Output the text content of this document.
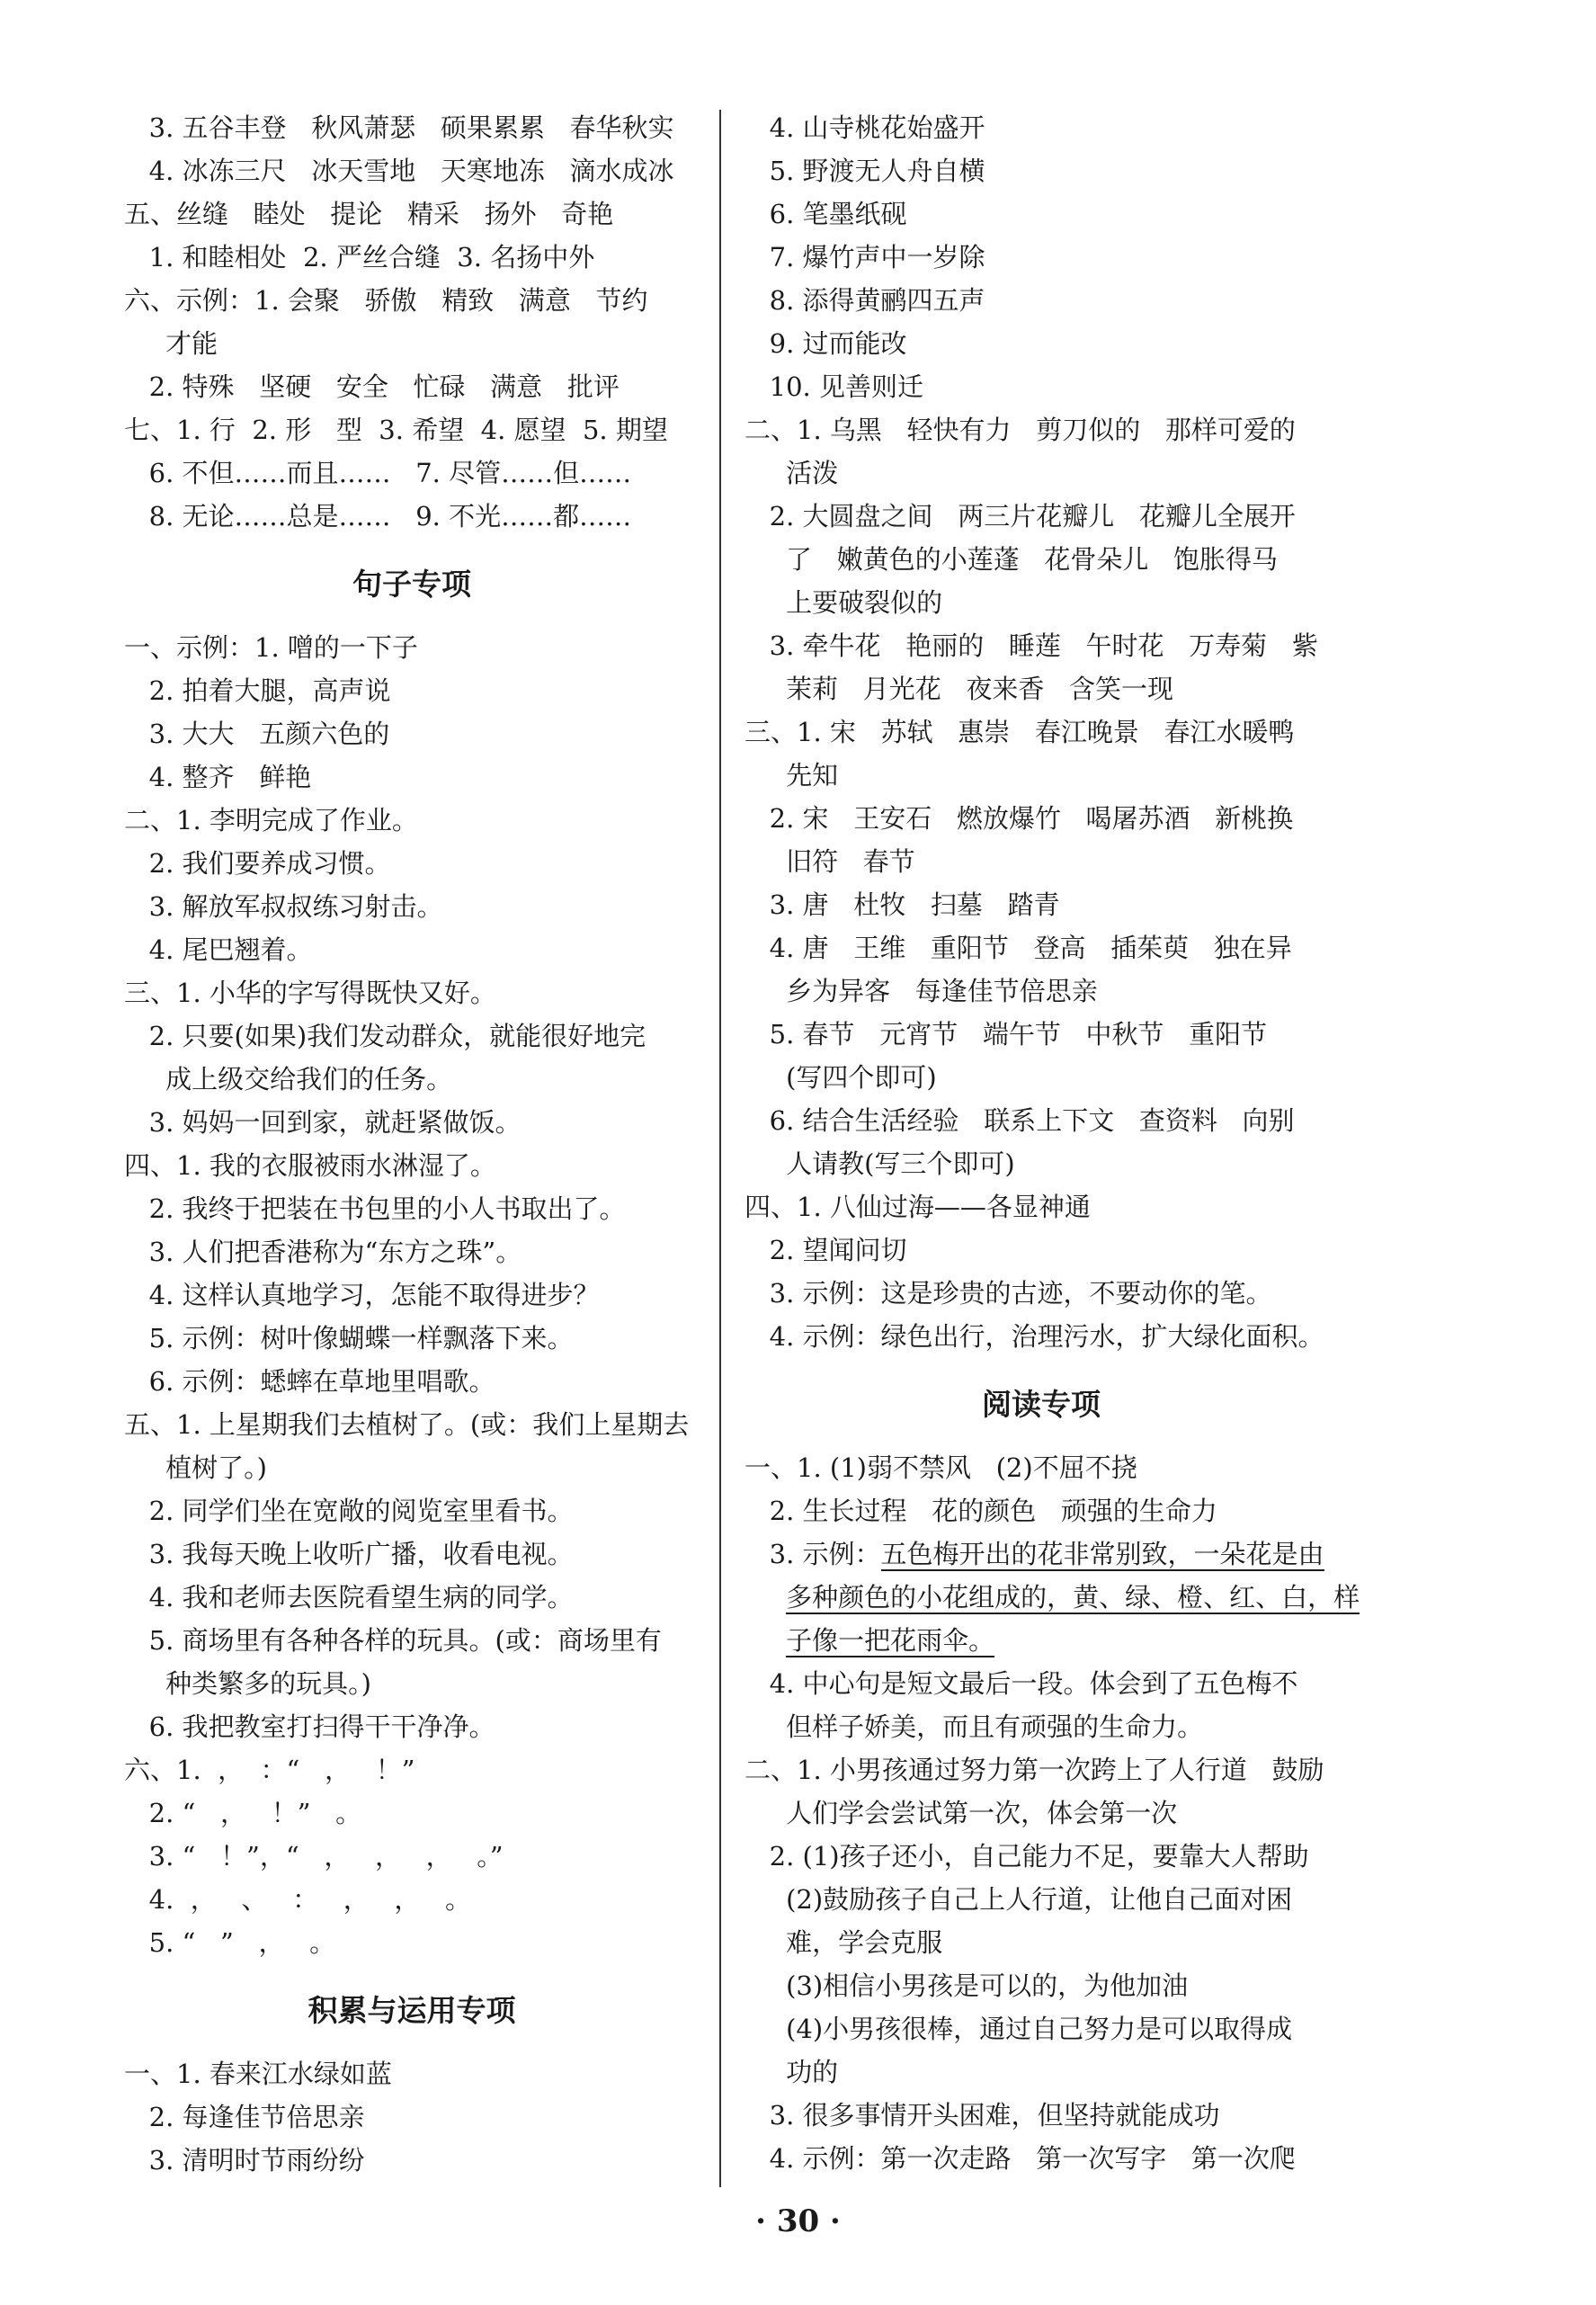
3. 五谷丰登   秋风萧瑟   硕果累累   春华秋实
4. 冰冻三尺   冰天雪地   天寒地冻   滴水成冰
五、丝缝   睦处   提论   精采   扬外   奇艳
1. 和睦相处  2. 严丝合缝  3. 名扬中外
六、示例：1. 会聚   骄傲   精致   满意   节约
才能
2. 特殊   坚硬   安全   忙碌   满意   批评
七、1. 行  2. 形   型  3. 希望  4. 愿望  5. 期望
6. 不但……而且……   7. 尽管……但……
8. 无论……总是……   9. 不光……都……
句子专项
一、示例：1. 噌的一下子
2. 拍着大腿，高声说
3. 大大   五颜六色的
4. 整齐   鲜艳
二、1. 李明完成了作业。
2. 我们要养成习惯。
3. 解放军叔叔练习射击。
4. 尾巴翘着。
三、1. 小华的字写得既快又好。
2. 只要(如果)我们发动群众，就能很好地完
成上级交给我们的任务。
3. 妈妈一回到家，就赶紧做饭。
四、1. 我的衣服被雨水淋湿了。
2. 我终于把装在书包里的小人书取出了。
3. 人们把香港称为“东方之珠”。
4. 这样认真地学习，怎能不取得进步？
5. 示例：树叶像蝴蝶一样飘落下来。
6. 示例：蟋蟀在草地里唱歌。
五、1. 上星期我们去植树了。(或：我们上星期去
植树了。)
2. 同学们坐在宽敞的阅览室里看书。
3. 我每天晚上收听广播，收看电视。
4. 我和老师去医院看望生病的同学。
5. 商场里有各种各样的玩具。(或：商场里有
种类繁多的玩具。)
6. 我把教室打扫得干干净净。
六、1.  ，  ：“   ，   ！”
2. “   ，   ！”   。
3. “   ！”，“   ，   ，   ，   。”
4.  ，   、   ：   ，   ，   。
5. “   ”   ，   。
积累与运用专项
一、1. 春来江水绿如蓝
2. 每逢佳节倍思亲
3. 清明时节雨纷纷
4. 山寺桃花始盛开
5. 野渡无人舟自横
6. 笔墨纸砚
7. 爆竹声中一岁除
8. 添得黄鹂四五声
9. 过而能改
10. 见善则迁
二、1. 乌黑   轻快有力   剪刀似的   那样可爱的
活泼
2. 大圆盘之间   两三片花瓣儿   花瓣儿全展开
了   嫩黄色的小莲蓬   花骨朵儿   饱胀得马
上要破裂似的
3. 牵牛花   艳丽的   睡莲   午时花   万寿菊   紫
茉莉   月光花   夜来香   含笑一现
三、1. 宋   苏轼   惠崇   春江晚景   春江水暖鸭
先知
2. 宋   王安石   燃放爆竹   喝屠苏酒   新桃换
旧符   春节
3. 唐   杜牧   扫墓   踏青
4. 唐   王维   重阳节   登高   插茱萸   独在异
乡为异客   每逢佳节倍思亲
5. 春节   元宵节   端午节   中秋节   重阳节
(写四个即可)
6. 结合生活经验   联系上下文   查资料   向别
人请教(写三个即可)
四、1. 八仙过海——各显神通
2. 望闻问切
3. 示例：这是珍贵的古迹，不要动你的笔。
4. 示例：绿色出行，治理污水，扩大绿化面积。
阅读专项
一、1. (1)弱不禁风   (2)不屈不挠
2. 生长过程   花的颜色   顽强的生命力
3. 示例：五色梅开出的花非常别致，一朵花是由
多种颜色的小花组成的，黄、绿、橙、红、白，样
子像一把花雨伞。
4. 中心句是短文最后一段。体会到了五色梅不
但样子娇美，而且有顽强的生命力。
二、1. 小男孩通过努力第一次跨上了人行道   鼓励
人们学会尝试第一次，体会第一次
2. (1)孩子还小，自己能力不足，要靠大人帮助
(2)鼓励孩子自己上人行道，让他自己面对困
难，学会克服
(3)相信小男孩是可以的，为他加油
(4)小男孩很棒，通过自己努力是可以取得成
功的
3. 很多事情开头困难，但坚持就能成功
4. 示例：第一次走路   第一次写字   第一次爬
· 30 ·
